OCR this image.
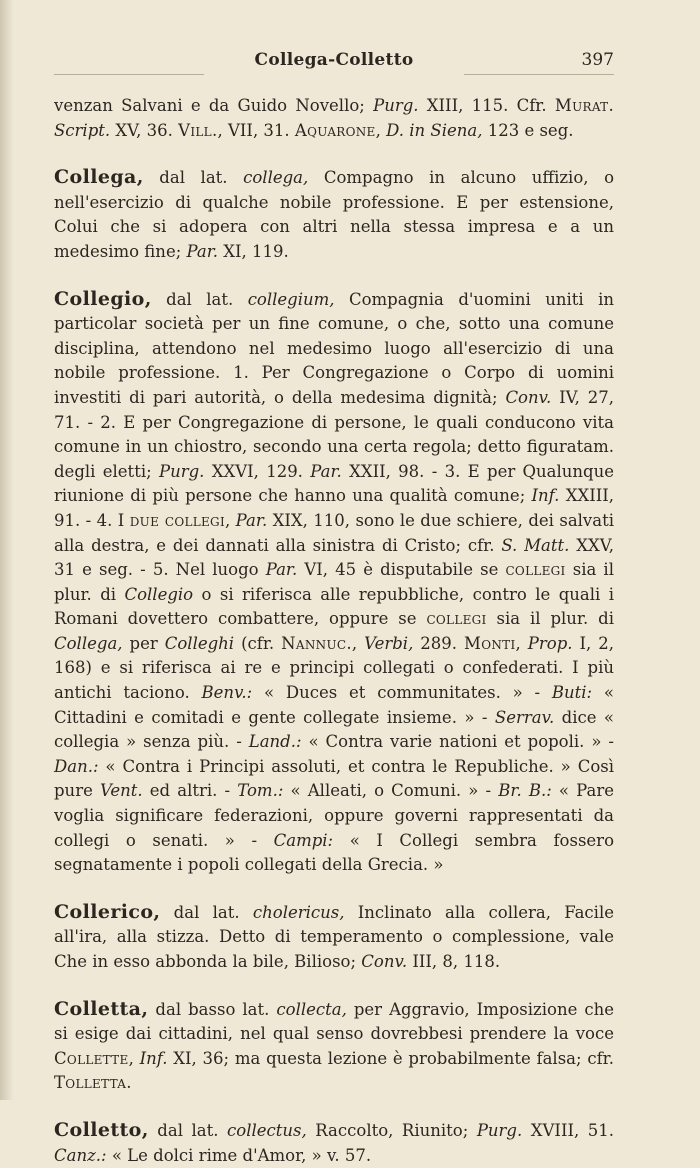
Collega-Colletto	397

venzan Salvani e da Guido Novello; Purg. XIII, 115. Cfr. Murat. Script. XV, 36. Vill., VII, 31. Aquarone, D. in Siena, 123 e seg.

Collega, dal lat. collega, Compagno in alcuno uffizio, o nell'esercizio di qualche nobile professione. E per estensione, Colui che si adopera con altri nella stessa impresa e a un medesimo fine; Par. XI, 119.

Collegio, dal lat. collegium, Compagnia d'uomini uniti in particolar società per un fine comune, o che, sotto una comune disciplina, attendono nel medesimo luogo all'esercizio di una nobile professione. 1. Per Congregazione o Corpo di uomini investiti di pari autorità, o della medesima dignità; Conv. IV, 27, 71. - 2. E per Congregazione di persone, le quali conducono vita comune in un chiostro, secondo una certa regola; detto figuratam. degli eletti; Purg. XXVI, 129. Par. XXII, 98. - 3. E per Qualunque riunione di più persone che hanno una qualità comune; Inf. XXIII, 91. - 4. I due collegi, Par. XIX, 110, sono le due schiere, dei salvati alla destra, e dei dannati alla sinistra di Cristo; cfr. S. Matt. XXV, 31 e seg. - 5. Nel luogo Par. VI, 45 è disputabile se collegi sia il plur. di Collegio o si riferisca alle repubbliche, contro le quali i Romani dovettero combattere, oppure se collegi sia il plur. di Collega, per Colleghi (cfr. Nannuc., Verbi, 289. Monti, Prop. I, 2, 168) e si riferisca ai re e principi collegati o confederati. I più antichi taciono. Benv.: « Duces et communitates. » - Buti: « Cittadini e comitadi e gente collegate insieme. » - Serrav. dice « collegia » senza più. - Land.: « Contra varie nationi et popoli. » - Dan.: « Contra i Principi assoluti, et contra le Republiche. » Così pure Vent. ed altri. - Tom.: « Alleati, o Comuni. » - Br. B.: « Pare voglia significare federazioni, oppure governi rappresentati da collegi o senati. » - Campi: « I Collegi sembra fossero segnatamente i popoli collegati della Grecia. »

Collerico, dal lat. cholericus, Inclinato alla collera, Facile all'ira, alla stizza. Detto di temperamento o complessione, vale Che in esso abbonda la bile, Bilioso; Conv. III, 8, 118.

Colletta, dal basso lat. collecta, per Aggravio, Imposizione che si esige dai cittadini, nel qual senso dovrebbesi prendere la voce Collette, Inf. XI, 36; ma questa lezione è probabilmente falsa; cfr. Tolletta.

Colletto, dal lat. collectus, Raccolto, Riunito; Purg. XVIII, 51. Canz.: « Le dolci rime d'Amor, » v. 57.
